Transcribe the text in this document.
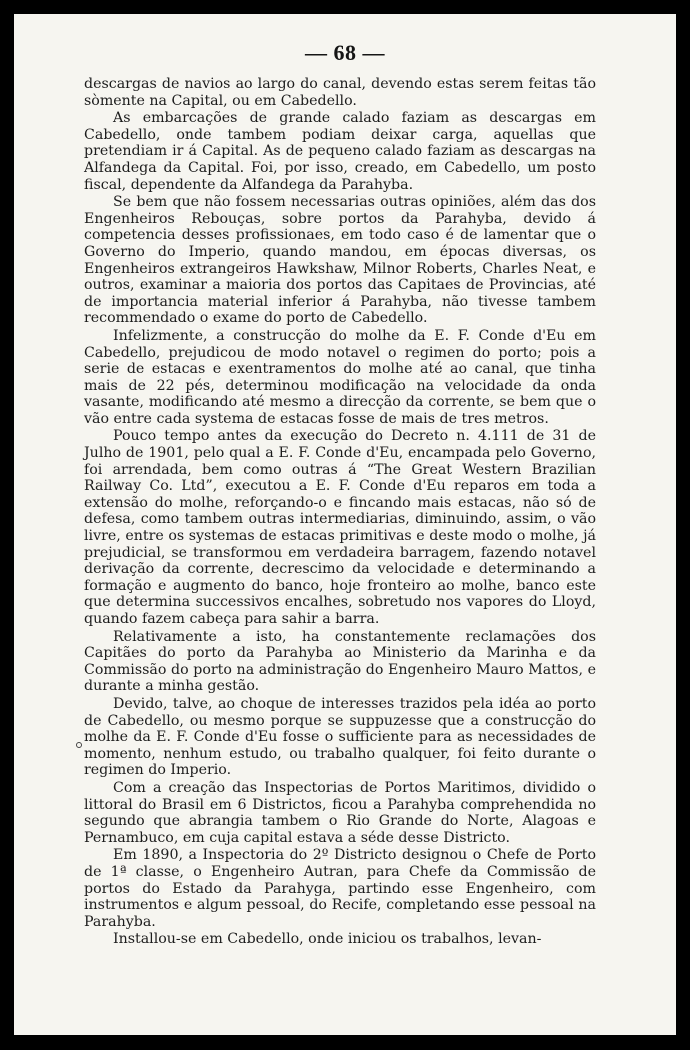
— 68 —

descargas de navios ao largo do canal, devendo estas serem feitas tão sòmente na Capital, ou em Cabedello.

As embarcações de grande calado faziam as descargas em Cabedello, onde tambem podiam deixar carga, aquellas que pretendiam ir á Capital. As de pequeno calado faziam as descargas na Alfandega da Capital. Foi, por isso, creado, em Cabedello, um posto fiscal, dependente da Alfandega da Parahyba.

Se bem que não fossem necessarias outras opiniões, além das dos Engenheiros Rebouças, sobre portos da Parahyba, devido á competencia desses profissionaes, em todo caso é de lamentar que o Governo do Imperio, quando mandou, em épocas diversas, os Engenheiros extrangeiros Hawkshaw, Milnor Roberts, Charles Neat, e outros, examinar a maioria dos portos das Capitaes de Provincias, até de importancia material inferior á Parahyba, não tivesse tambem recommendado o exame do porto de Cabedello.

Infelizmente, a construcção do molhe da E. F. Conde d'Eu em Cabedello, prejudicou de modo notavel o regimen do porto; pois a serie de estacas e exentramentos do molhe até ao canal, que tinha mais de 22 pés, determinou modificação na velocidade da onda vasante, modificando até mesmo a direcção da corrente, se bem que o vão entre cada systema de estacas fosse de mais de tres metros.

Pouco tempo antes da execução do Decreto n. 4.111 de 31 de Julho de 1901, pelo qual a E. F. Conde d'Eu, encampada pelo Governo, foi arrendada, bem como outras á “The Great Western Brazilian Railway Co. Ltd”, executou a E. F. Conde d'Eu reparos em toda a extensão do molhe, reforçando-o e fincando mais estacas, não só de defesa, como tambem outras intermediarias, diminuindo, assim, o vão livre, entre os systemas de estacas primitivas e deste modo o molhe, já prejudicial, se transformou em verdadeira barragem, fazendo notavel derivação da corrente, decrescimo da velocidade e determinando a formação e augmento do banco, hoje fronteiro ao molhe, banco este que determina successivos encalhes, sobretudo nos vapores do Lloyd, quando fazem cabeça para sahir a barra.

Relativamente a isto, ha constantemente reclamações dos Capitães do porto da Parahyba ao Ministerio da Marinha e da Commissão do porto na administração do Engenheiro Mauro Mattos, e durante a minha gestão.

Devido, talve, ao choque de interesses trazidos pela idéa ao porto de Cabedello, ou mesmo porque se suppuzesse que a construcção do molhe da E. F. Conde d'Eu fosse o sufficiente para as necessidades de momento, nenhum estudo, ou trabalho qualquer, foi feito durante o regimen do Imperio.

Com a creação das Inspectorias de Portos Maritimos, dividido o littoral do Brasil em 6 Districtos, ficou a Parahyba comprehendida no segundo que abrangia tambem o Rio Grande do Norte, Alagoas e Pernambuco, em cuja capital estava a séde desse Districto.

Em 1890, a Inspectoria do 2º Districto designou o Chefe de Porto de 1ª classe, o Engenheiro Autran, para Chefe da Commissão de portos do Estado da Parahyga, partindo esse Engenheiro, com instrumentos e algum pessoal, do Recife, completando esse pessoal na Parahyba.

Installou-se em Cabedello, onde iniciou os trabalhos, levan-
